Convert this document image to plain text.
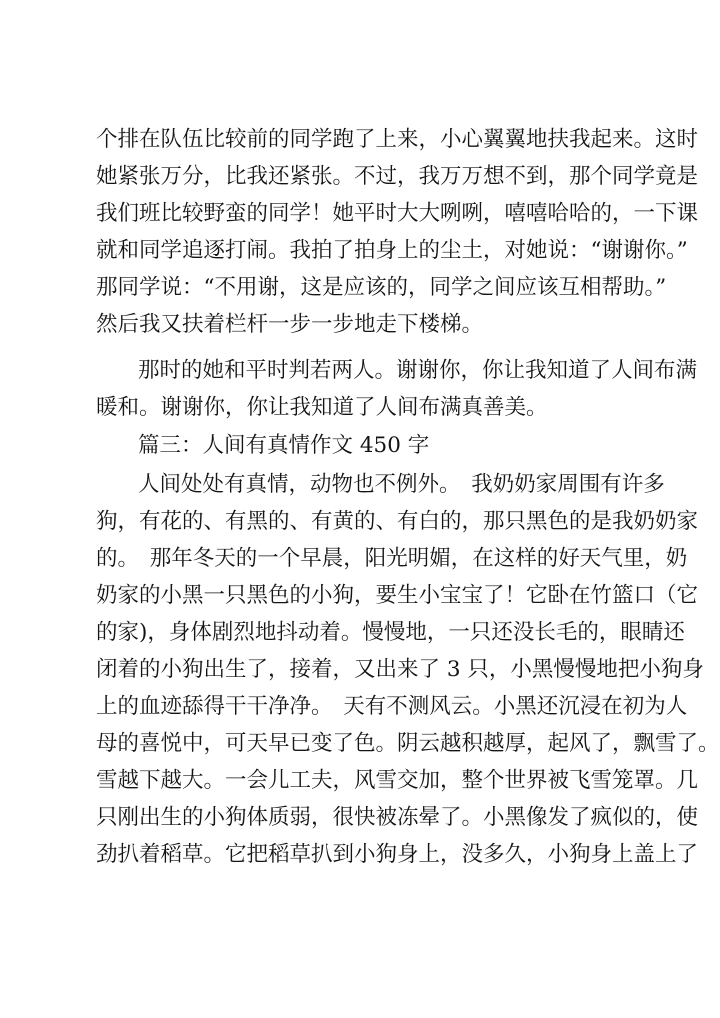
个排在队伍比较前的同学跑了上来，小心翼翼地扶我起来。这时
她紧张万分，比我还紧张。不过，我万万想不到，那个同学竟是
我们班比较野蛮的同学！她平时大大咧咧，嘻嘻哈哈的，一下课
就和同学追逐打闹。我拍了拍身上的尘土，对她说：“谢谢你。”
那同学说：“不用谢，这是应该的，同学之间应该互相帮助。”
然后我又扶着栏杆一步一步地走下楼梯。
那时的她和平时判若两人。谢谢你，你让我知道了人间布满
暖和。谢谢你，你让我知道了人间布满真善美。
篇三：人间有真情作文 450 字
人间处处有真情，动物也不例外。　我奶奶家周围有许多
狗，有花的、有黑的、有黄的、有白的，那只黑色的是我奶奶家
的。　那年冬天的一个早晨，阳光明媚，在这样的好天气里，奶
奶家的小黑一只黑色的小狗，要生小宝宝了！它卧在竹篮口（它
的家)，身体剧烈地抖动着。慢慢地，一只还没长毛的，眼睛还
闭着的小狗出生了，接着，又出来了 3 只，小黑慢慢地把小狗身
上的血迹舔得干干净净。　天有不测风云。小黑还沉浸在初为人
母的喜悦中，可天早已变了色。阴云越积越厚，起风了，飘雪了。
雪越下越大。一会儿工夫，风雪交加，整个世界被飞雪笼罩。几
只刚出生的小狗体质弱，很快被冻晕了。小黑像发了疯似的，使
劲扒着稻草。它把稻草扒到小狗身上，没多久，小狗身上盖上了
